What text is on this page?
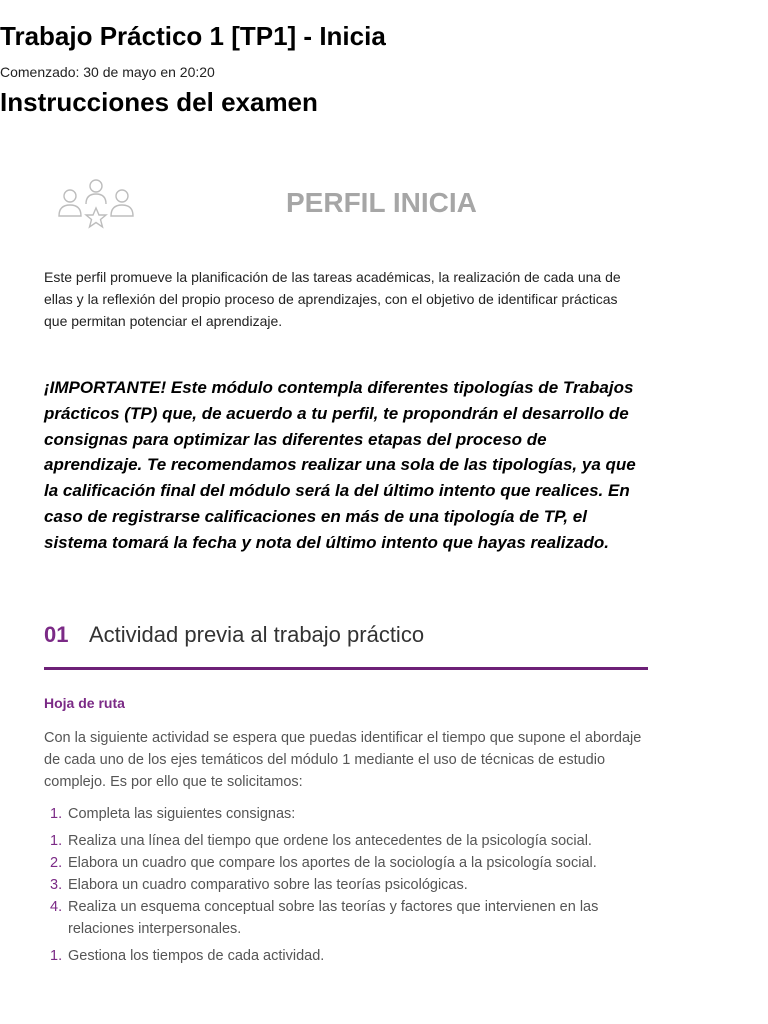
Trabajo Práctico 1 [TP1] - Inicia
Comenzado: 30 de mayo en 20:20
Instrucciones del examen
PERFIL INICIA

Este perfil promueve la planificación de las tareas académicas, la realización de cada una de ellas y la reflexión del propio proceso de aprendizajes, con el objetivo de identificar prácticas que permitan potenciar el aprendizaje.

¡IMPORTANTE! Este módulo contempla diferentes tipologías de Trabajos prácticos (TP) que, de acuerdo a tu perfil, te propondrán el desarrollo de consignas para optimizar las diferentes etapas del proceso de aprendizaje. Te recomendamos realizar una sola de las tipologías, ya que la calificación final del módulo será la del último intento que realices. En caso de registrarse calificaciones en más de una tipología de TP, el sistema tomará la fecha y nota del último intento que hayas realizado.

01 Actividad previa al trabajo práctico
Hoja de ruta

Con la siguiente actividad se espera que puedas identificar el tiempo que supone el abordaje de cada uno de los ejes temáticos del módulo 1 mediante el uso de técnicas de estudio complejo. Es por ello que te solicitamos:

1. Completa las siguientes consignas:
1. Realiza una línea del tiempo que ordene los antecedentes de la psicología social.
2. Elabora un cuadro que compare los aportes de la sociología a la psicología social.
3. Elabora un cuadro comparativo sobre las teorías psicológicas.
4. Realiza un esquema conceptual sobre las teorías y factores que intervienen en las relaciones interpersonales.
1. Gestiona los tiempos de cada actividad.
